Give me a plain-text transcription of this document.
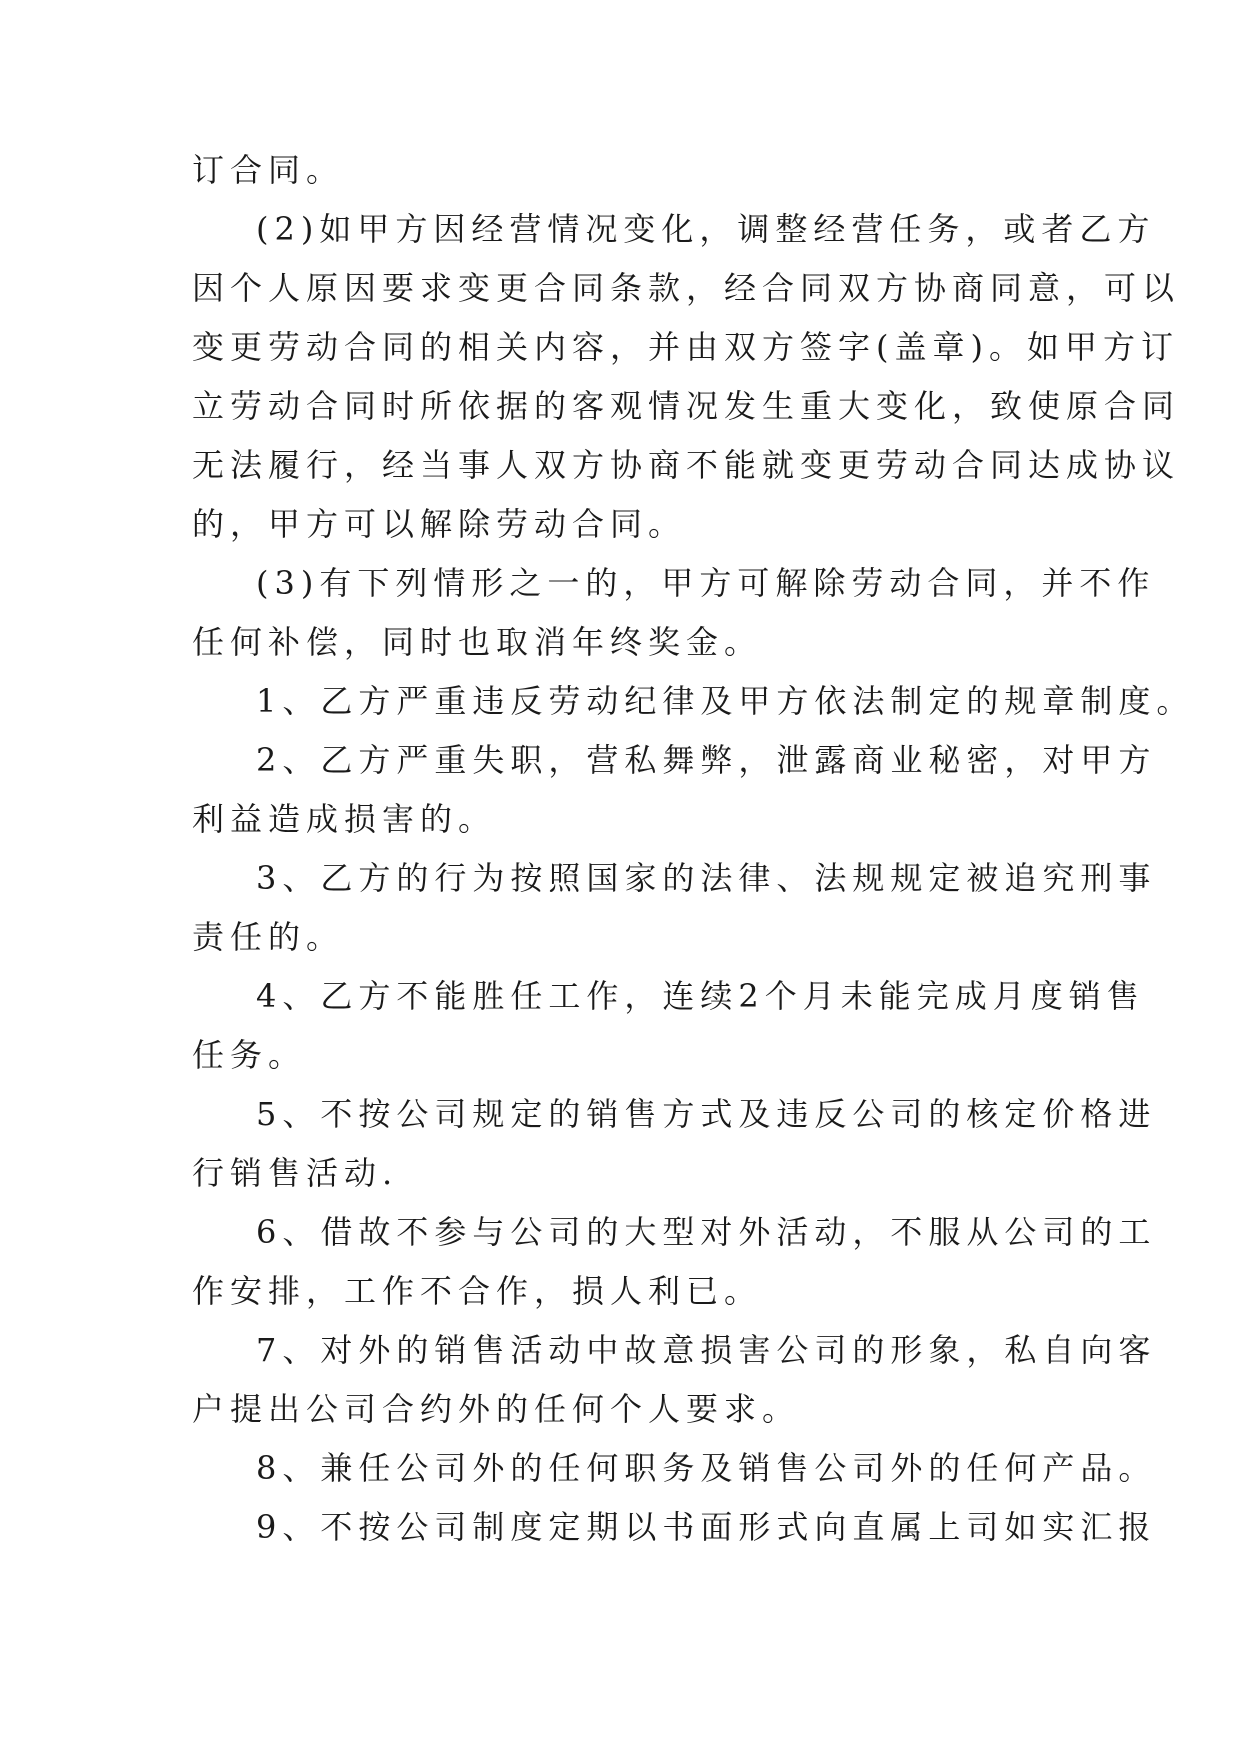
订合同。
(2)如甲方因经营情况变化，调整经营任务，或者乙方
因个人原因要求变更合同条款，经合同双方协商同意，可以
变更劳动合同的相关内容，并由双方签字(盖章)。如甲方订
立劳动合同时所依据的客观情况发生重大变化，致使原合同
无法履行，经当事人双方协商不能就变更劳动合同达成协议
的，甲方可以解除劳动合同。
(3)有下列情形之一的，甲方可解除劳动合同，并不作
任何补偿，同时也取消年终奖金。
1、乙方严重违反劳动纪律及甲方依法制定的规章制度。
2、乙方严重失职，营私舞弊，泄露商业秘密，对甲方
利益造成损害的。
3、乙方的行为按照国家的法律、法规规定被追究刑事
责任的。
4、乙方不能胜任工作，连续2个月未能完成月度销售
任务。
5、不按公司规定的销售方式及违反公司的核定价格进
行销售活动.
6、借故不参与公司的大型对外活动，不服从公司的工
作安排，工作不合作，损人利已。
7、对外的销售活动中故意损害公司的形象，私自向客
户提出公司合约外的任何个人要求。
8、兼任公司外的任何职务及销售公司外的任何产品。
9、不按公司制度定期以书面形式向直属上司如实汇报
